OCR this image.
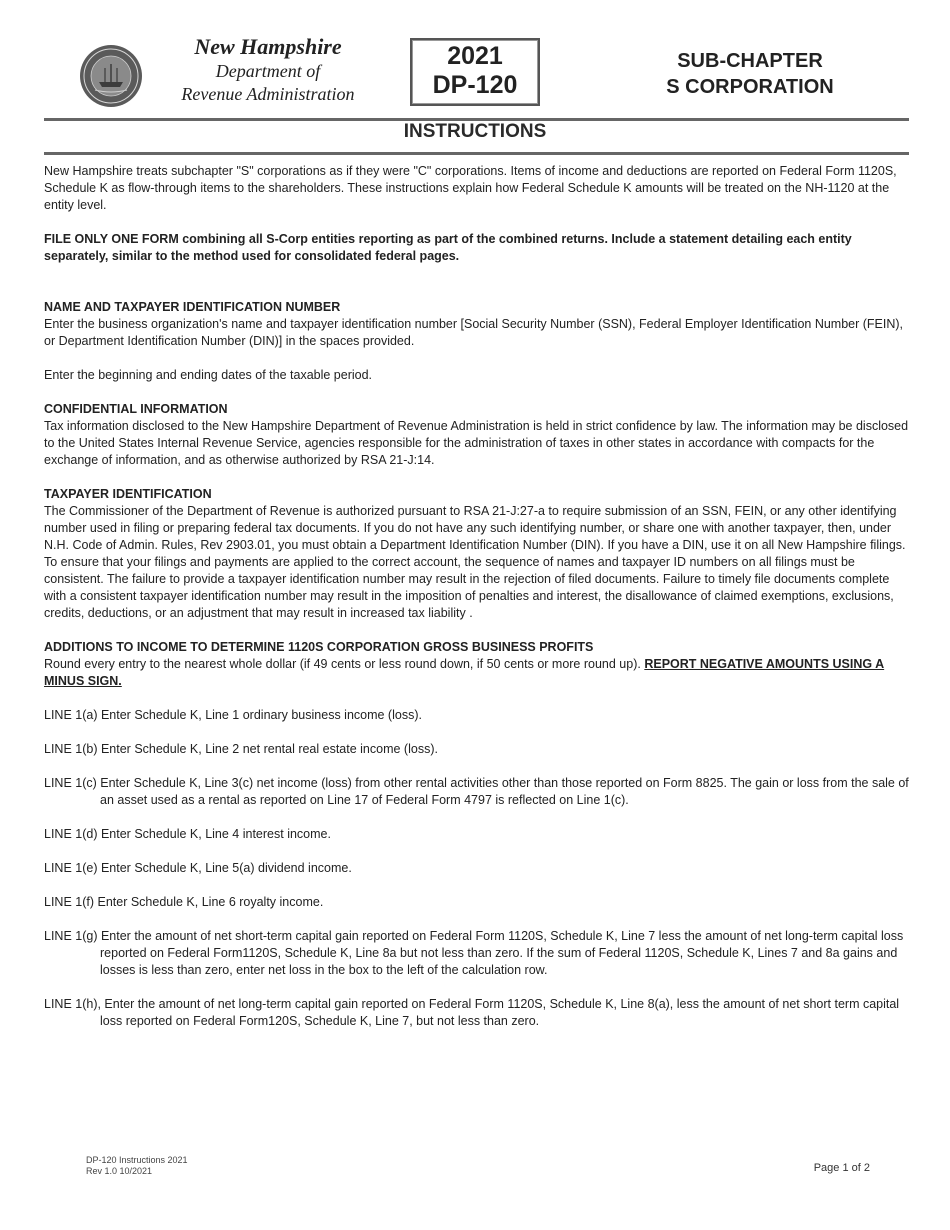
New Hampshire
Department of
Revenue Administration
2021
DP-120
SUB-CHAPTER
S CORPORATION
INSTRUCTIONS

New Hampshire treats subchapter "S" corporations as if they were "C" corporations. Items of income and deductions are reported on Federal Form 1120S, Schedule K as flow-through items to the shareholders. These instructions explain how Federal Schedule K amounts will be treated on the NH-1120 at the entity level.

FILE ONLY ONE FORM combining all S-Corp entities reporting as part of the combined returns. Include a statement detailing each entity separately, similar to the method used for consolidated federal pages.

NAME AND TAXPAYER IDENTIFICATION NUMBER

Enter the business organization's name and taxpayer identification number [Social Security Number (SSN), Federal Employer Identification Number (FEIN), or Department Identification Number (DIN)] in the spaces provided.

Enter the beginning and ending dates of the taxable period.

CONFIDENTIAL INFORMATION

Tax information disclosed to the New Hampshire Department of Revenue Administration is held in strict confidence by law. The information may be disclosed to the United States Internal Revenue Service, agencies responsible for the administration of taxes in other states in accordance with compacts for the exchange of information, and as otherwise authorized by RSA 21-J:14.

TAXPAYER IDENTIFICATION

The Commissioner of the Department of Revenue is authorized pursuant to RSA 21-J:27-a to require submission of an SSN, FEIN, or any other identifying number used in filing or preparing federal tax documents. If you do not have any such identifying number, or share one with another taxpayer, then, under N.H. Code of Admin. Rules, Rev 2903.01, you must obtain a Department Identification Number (DIN). If you have a DIN, use it on all New Hampshire filings. To ensure that your filings and payments are applied to the correct account, the sequence of names and taxpayer ID numbers on all filings must be consistent. The failure to provide a taxpayer identification number may result in the rejection of filed documents. Failure to timely file documents complete with a consistent taxpayer identification number may result in the imposition of penalties and interest, the disallowance of claimed exemptions, exclusions, credits, deductions, or an adjustment that may result in increased tax liability .

ADDITIONS TO INCOME TO DETERMINE 1120S CORPORATION GROSS BUSINESS PROFITS

Round every entry to the nearest whole dollar (if 49 cents or less round down, if 50 cents or more round up). REPORT NEGATIVE AMOUNTS USING A MINUS SIGN.

LINE 1(a) Enter Schedule K, Line 1 ordinary business income (loss).

LINE 1(b) Enter Schedule K, Line 2 net rental real estate income (loss).

LINE 1(c) Enter Schedule K, Line 3(c) net income (loss) from other rental activities other than those reported on Form 8825. The gain or loss from the sale of an asset used as a rental as reported on Line 17 of Federal Form 4797 is reflected on Line 1(c).

LINE 1(d) Enter Schedule K, Line 4 interest income.

LINE 1(e) Enter Schedule K, Line 5(a) dividend income.

LINE 1(f) Enter Schedule K, Line 6 royalty income.

LINE 1(g) Enter the amount of net short-term capital gain reported on Federal Form 1120S, Schedule K, Line 7 less the amount of net long-term capital loss reported on Federal Form1120S, Schedule K, Line 8a but not less than zero. If the sum of Federal 1120S, Schedule K, Lines 7 and 8a gains and losses is less than zero, enter net loss in the box to the left of the calculation row.

LINE 1(h), Enter the amount of net long-term capital gain reported on Federal Form 1120S, Schedule K, Line 8(a), less the amount of net short term capital loss reported on Federal Form120S, Schedule K, Line 7, but not less than zero.

DP-120 Instructions 2021
Rev 1.0 10/2021	Page 1 of 2
